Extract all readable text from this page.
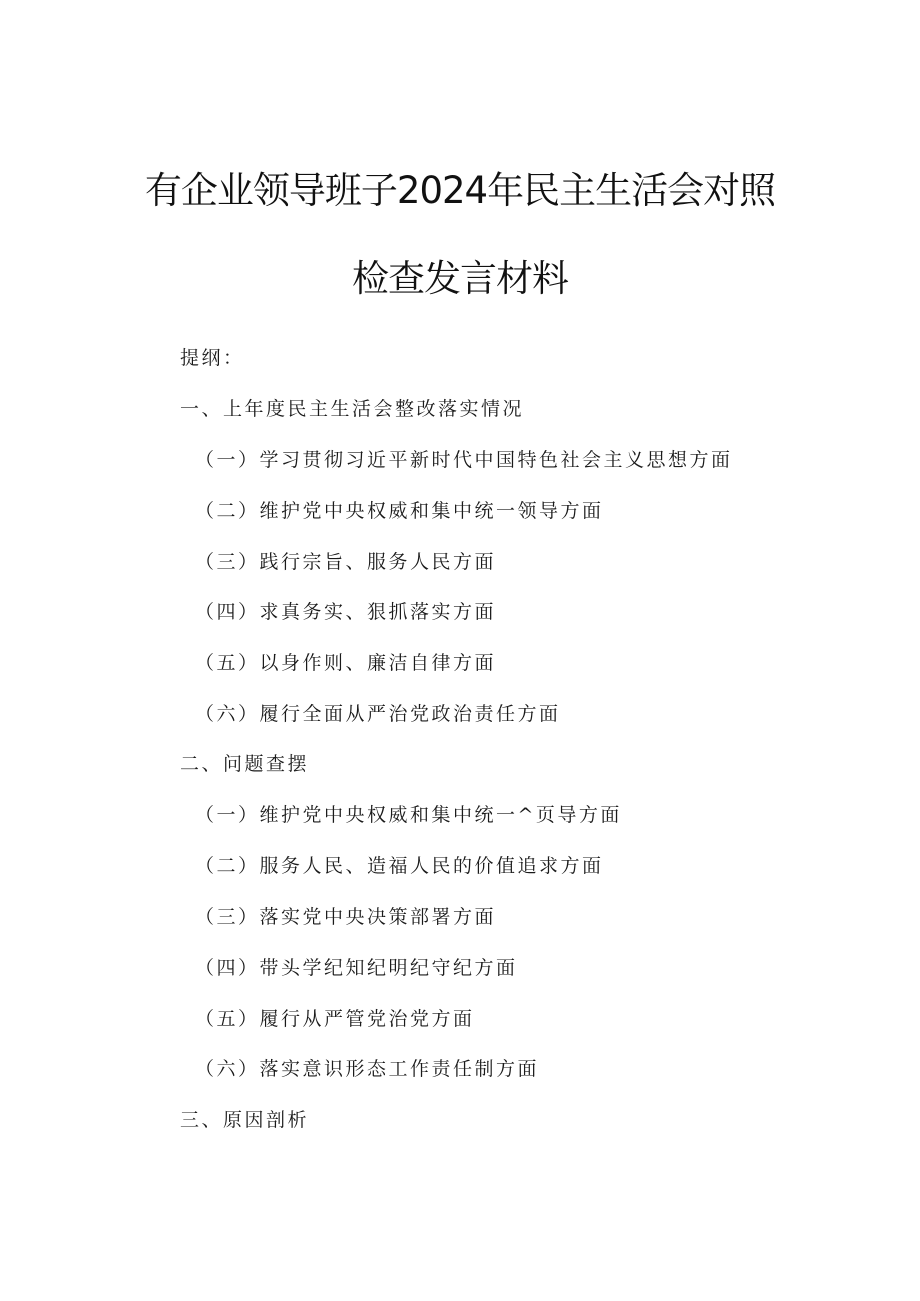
有企业领导班子2024年民主生活会对照
检查发言材料
提纲：
一、上年度民主生活会整改落实情况
（一）学习贯彻习近平新时代中国特色社会主义思想方面
（二）维护党中央权威和集中统一领导方面
（三）践行宗旨、服务人民方面
（四）求真务实、狠抓落实方面
（五）以身作则、廉洁自律方面
（六）履行全面从严治党政治责任方面
二、问题查摆
（一）维护党中央权威和集中统一^页导方面
（二）服务人民、造福人民的价值追求方面
（三）落实党中央决策部署方面
（四）带头学纪知纪明纪守纪方面
（五）履行从严管党治党方面
（六）落实意识形态工作责任制方面
三、原因剖析
